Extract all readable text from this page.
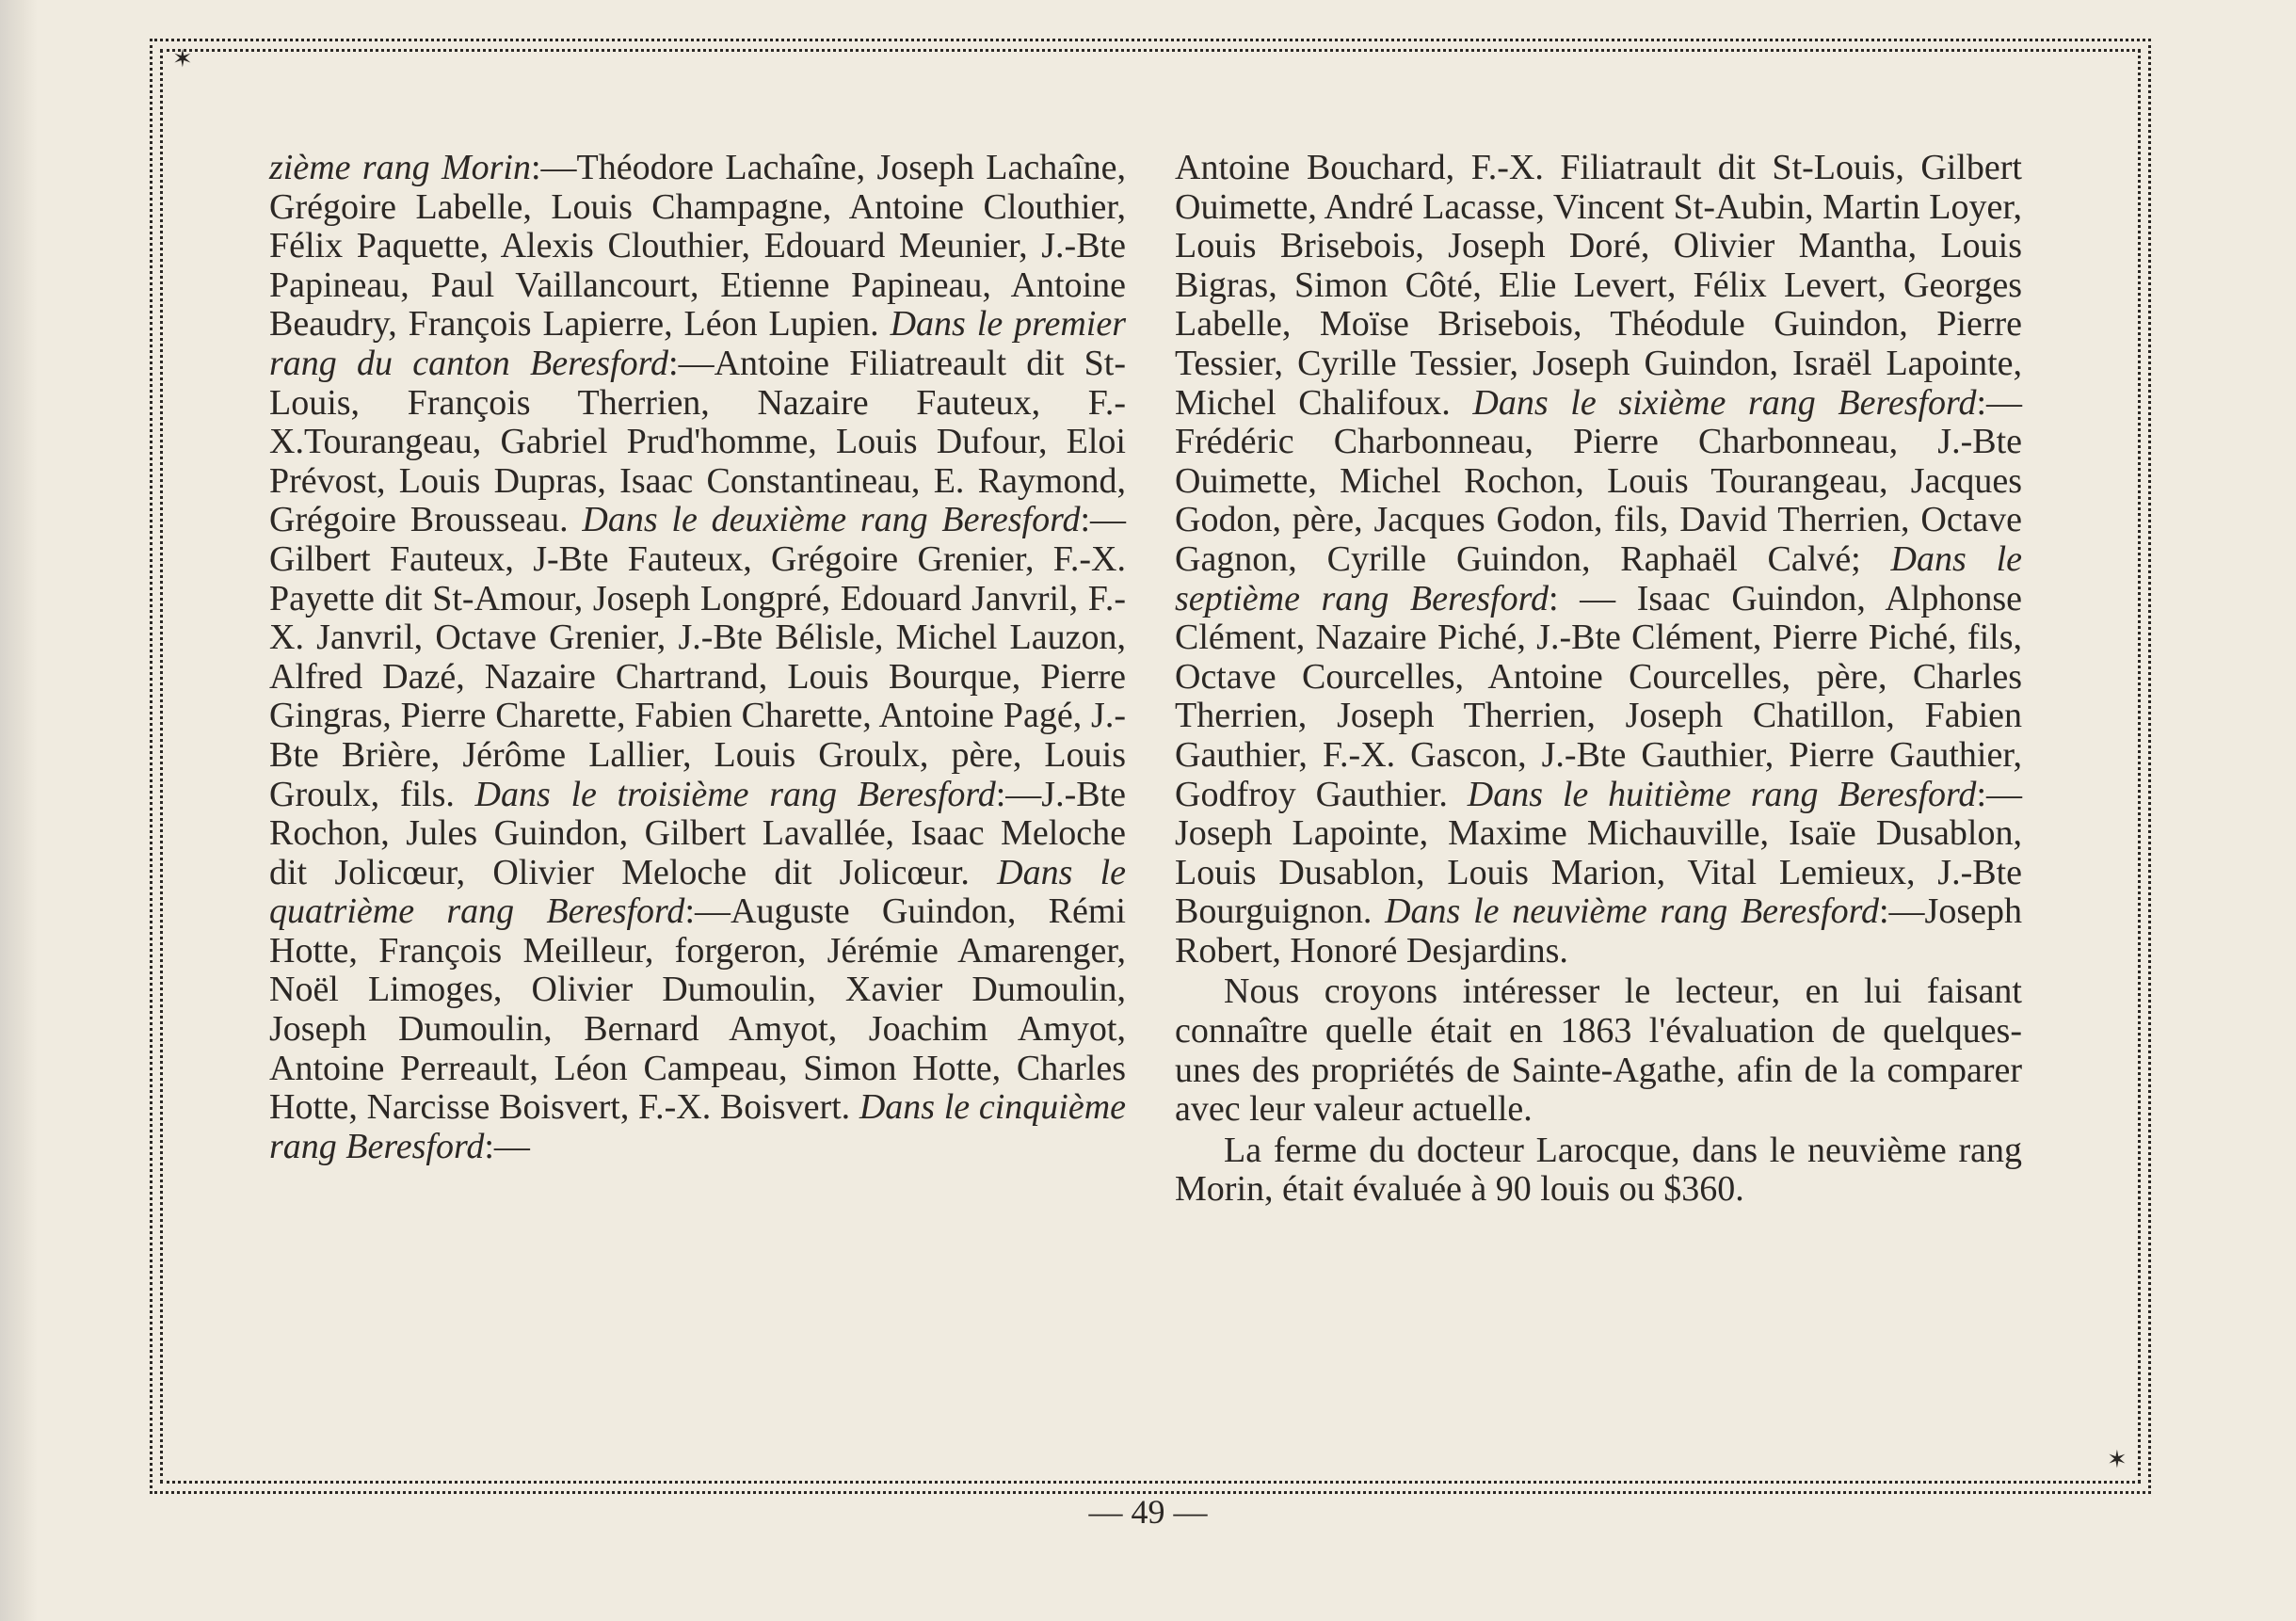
✶
✶

zième rang Morin:—Théodore Lachaîne, Joseph Lachaîne, Grégoire Labelle, Louis Champagne, Antoine Clouthier, Félix Paquette, Alexis Clouthier, Edouard Meunier, J.-Bte Papineau, Paul Vaillancourt, Etienne Papineau, Antoine Beaudry, François Lapierre, Léon Lupien. Dans le premier rang du canton Beresford:—Antoine Filiatreault dit St-Louis, François Therrien, Nazaire Fauteux, F.-X.Tourangeau, Gabriel Prud'homme, Louis Dufour, Eloi Prévost, Louis Dupras, Isaac Constantineau, E. Raymond, Grégoire Brousseau. Dans le deuxième rang Beresford:—Gilbert Fauteux, J-Bte Fauteux, Grégoire Grenier, F.-X. Payette dit St-Amour, Joseph Longpré, Edouard Janvril, F.-X. Janvril, Octave Grenier, J.-Bte Bélisle, Michel Lauzon, Alfred Dazé, Nazaire Chartrand, Louis Bourque, Pierre Gingras, Pierre Charette, Fabien Charette, Antoine Pagé, J.-Bte Brière, Jérôme Lallier, Louis Groulx, père, Louis Groulx, fils. Dans le troisième rang Beresford:—J.-Bte Rochon, Jules Guindon, Gilbert Lavallée, Isaac Meloche dit Jolicœur, Olivier Meloche dit Jolicœur. Dans le quatrième rang Beresford:—Auguste Guindon, Rémi Hotte, François Meilleur, forgeron, Jérémie Amarenger, Noël Limoges, Olivier Dumoulin, Xavier Dumoulin, Joseph Dumoulin, Bernard Amyot, Joachim Amyot, Antoine Perreault, Léon Campeau, Simon Hotte, Charles Hotte, Narcisse Boisvert, F.-X. Boisvert. Dans le cinquième rang Beresford:—

Antoine Bouchard, F.-X. Filiatrault dit St-Louis, Gilbert Ouimette, André Lacasse, Vincent St-Aubin, Martin Loyer, Louis Brisebois, Joseph Doré, Olivier Mantha, Louis Bigras, Simon Côté, Elie Levert, Félix Levert, Georges Labelle, Moïse Brisebois, Théodule Guindon, Pierre Tessier, Cyrille Tessier, Joseph Guindon, Israël Lapointe, Michel Chalifoux. Dans le sixième rang Beresford:—Frédéric Charbonneau, Pierre Charbonneau, J.-Bte Ouimette, Michel Rochon, Louis Tourangeau, Jacques Godon, père, Jacques Godon, fils, David Therrien, Octave Gagnon, Cyrille Guindon, Raphaël Calvé; Dans le septième rang Beresford: — Isaac Guindon, Alphonse Clément, Nazaire Piché, J.-Bte Clément, Pierre Piché, fils, Octave Courcelles, Antoine Courcelles, père, Charles Therrien, Joseph Therrien, Joseph Chatillon, Fabien Gauthier, F.-X. Gascon, J.-Bte Gauthier, Pierre Gauthier, Godfroy Gauthier. Dans le huitième rang Beresford:—Joseph Lapointe, Maxime Michauville, Isaïe Dusablon, Louis Dusablon, Louis Marion, Vital Lemieux, J.-Bte Bourguignon. Dans le neuvième rang Beresford:—Joseph Robert, Honoré Desjardins.

Nous croyons intéresser le lecteur, en lui faisant connaître quelle était en 1863 l'évaluation de quelques-unes des propriétés de Sainte-Agathe, afin de la comparer avec leur valeur actuelle.

La ferme du docteur Larocque, dans le neuvième rang Morin, était évaluée à 90 louis ou $360.

— 49 —
